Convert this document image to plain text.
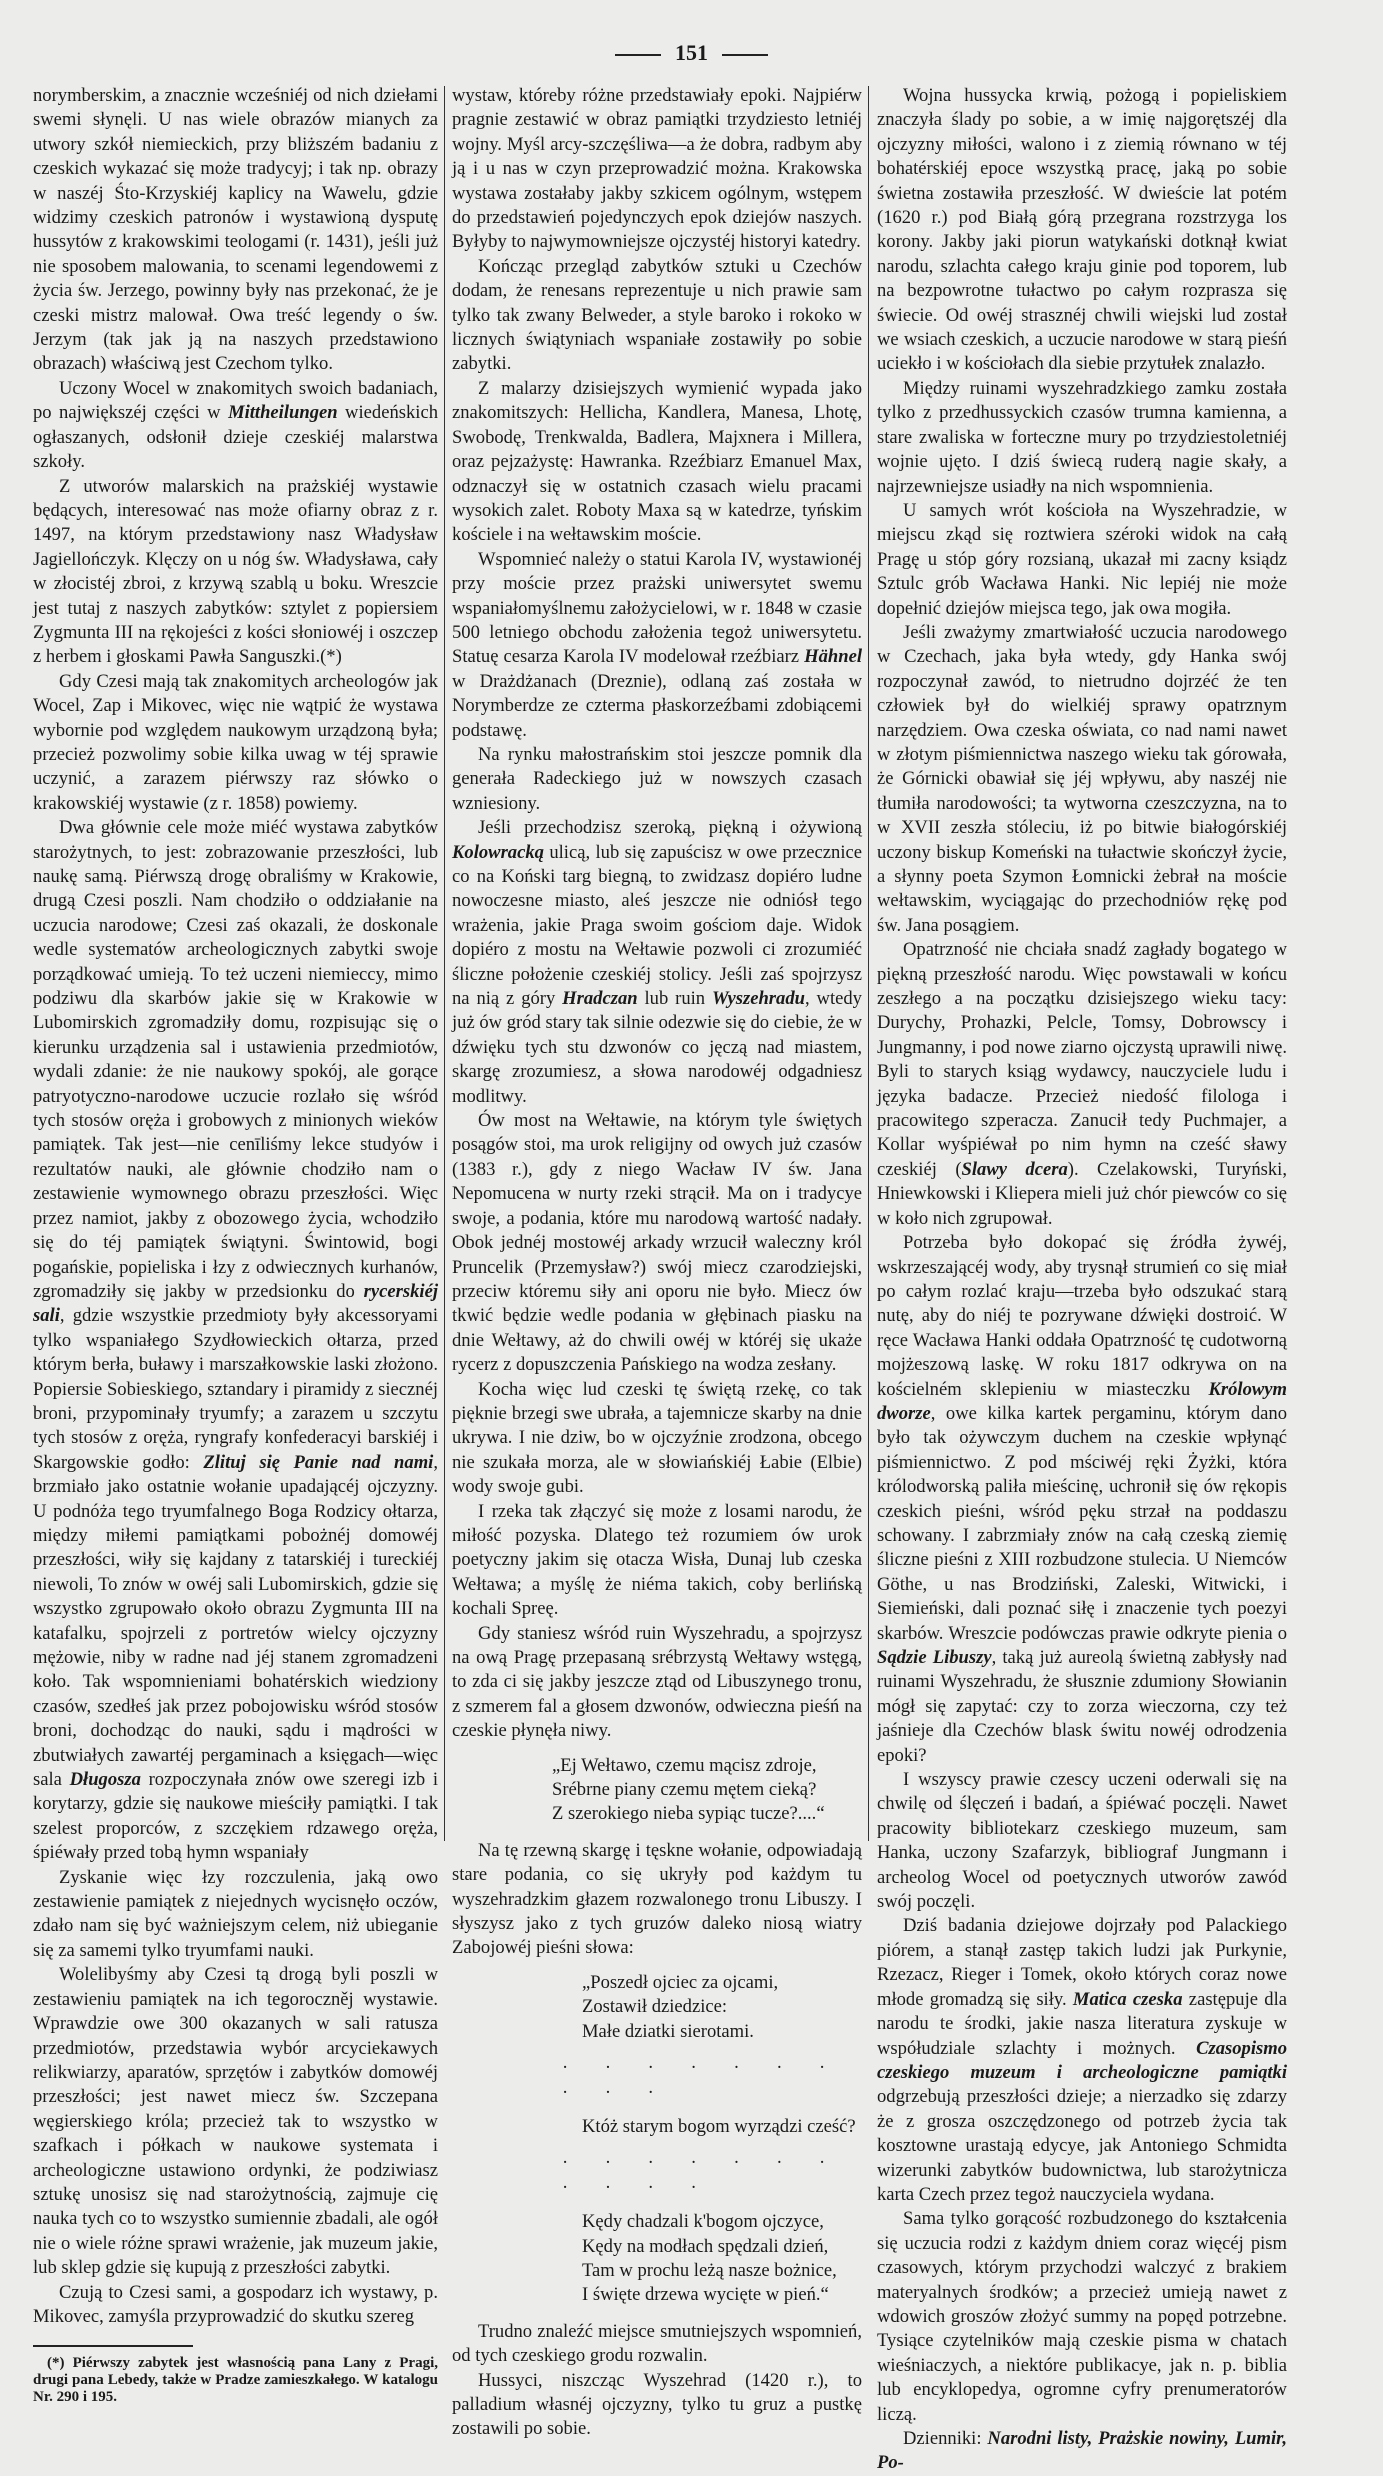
151

norymberskim, a znacznie wcześniéj od nich dziełami swemi słynęli. U nas wiele obrazów mianych za utwory szkół niemieckich, przy bliższém badaniu z czeskich wykazać się może tradycyj; i tak np. obrazy w naszéj Śto-Krzyskiéj kaplicy na Wawelu, gdzie widzimy czeskich patronów i wystawioną dysputę hussytów z krakowskimi teologami (r. 1431), jeśli już nie sposobem malowania, to scenami legendowemi z życia św. Jerzego, powinny były nas przekonać, że je czeski mistrz malował. Owa treść legendy o św. Jerzym (tak jak ją na naszych przedstawiono obrazach) właściwą jest Czechom tylko.

Uczony Wocel w znakomitych swoich badaniach, po największéj części w Mittheilungen wiedeńskich ogłaszanych, odsłonił dzieje czeskiéj malarstwa szkoły.

Z utworów malarskich na prażskiéj wystawie będących, interesować nas może ofiarny obraz z r. 1497, na którym przedstawiony nasz Władysław Jagiellończyk. Klęczy on u nóg św. Władysława, cały w złocistéj zbroi, z krzywą szablą u boku. Wreszcie jest tutaj z naszych zabytków: sztylet z popiersiem Zygmunta III na rękojeści z kości słoniowéj i oszczep z herbem i głoskami Pawła Sanguszki.(*)

Gdy Czesi mają tak znakomitych archeologów jak Wocel, Zap i Mikovec, więc nie wątpić że wystawa wybornie pod względem naukowym urządzoną była; przecież pozwolimy sobie kilka uwag w téj sprawie uczynić, a zarazem piérwszy raz słówko o krakowskiéj wystawie (z r. 1858) powiemy.

Dwa głównie cele może miéć wystawa zabytków starożytnych, to jest: zobrazowanie przeszłości, lub naukę samą. Piérwszą drogę obraliśmy w Krakowie, drugą Czesi poszli. Nam chodziło o oddziałanie na uczucia narodowe; Czesi zaś okazali, że doskonale wedle systematów archeologicznych zabytki swoje porządkować umieją. To też uczeni niemieccy, mimo podziwu dla skarbów jakie się w Krakowie w Lubomirskich zgromadziły domu, rozpisując się o kierunku urządzenia sal i ustawienia przedmiotów, wydali zdanie: że nie naukowy spokój, ale gorące patryotyczno-narodowe uczucie rozlało się wśród tych stosów oręża i grobowych z minionych wieków pamiątek. Tak jest—nie cenīliśmy lekce studyów i rezultatów nauki, ale głównie chodziło nam o zestawienie wymownego obrazu przeszłości. Więc przez namiot, jakby z obozowego życia, wchodziło się do téj pamiątek świątyni. Świntowid, bogi pogańskie, popieliska i łzy z odwiecznych kurhanów, zgromadziły się jakby w przedsionku do rycerskiéj sali, gdzie wszystkie przedmioty były akcessoryami tylko wspaniałego Szydłowieckich ołtarza, przed którym berła, buławy i marszałkowskie laski złożono. Popiersie Sobieskiego, sztandary i piramidy z siecznéj broni, przypominały tryumfy; a zarazem u szczytu tych stosów z oręża, ryngrafy konfederacyi barskiéj i Skargowskie godło: Zlituj się Panie nad nami, brzmiało jako ostatnie wołanie upadającéj ojczyzny. U podnóża tego tryumfalnego Boga Rodzicy ołtarza, między miłemi pamiątkami pobożnéj domowéj przeszłości, wiły się kajdany z tatarskiéj i tureckiéj niewoli, To znów w owéj sali Lubomirskich, gdzie się wszystko zgrupowało około obrazu Zygmunta III na katafalku, spojrzeli z portretów wielcy ojczyzny mężowie, niby w radne nad jéj stanem zgromadzeni koło. Tak wspomnieniami bohatérskich wiedziony czasów, szedłeś jak przez pobojowisku wśród stosów broni, dochodząc do nauki, sądu i mądrości w zbutwiałych zawartéj pergaminach a księgach—więc sala Długosza rozpoczynała znów owe szeregi izb i korytarzy, gdzie się naukowe mieściły pamiątki. I tak szelest proporców, z szczękiem rdzawego oręża, śpiéwały przed tobą hymn wspaniały

Zyskanie więc łzy rozczulenia, jaką owo zestawienie pamiątek z niejednych wycisnęło oczów, zdało nam się być ważniejszym celem, niż ubieganie się za samemi tylko tryumfami nauki.

Wolelibyśmy aby Czesi tą drogą byli poszli w zestawieniu pamiątek na ich tegoroczněj wystawie. Wprawdzie owe 300 okazanych w sali ratusza przedmiotów, przedstawia wybór arcyciekawych relikwiarzy, aparatów, sprzętów i zabytków domowéj przeszłości; jest nawet miecz św. Szczepana węgierskiego króla; przecież tak to wszystko w szafkach i półkach w naukowe systemata i archeologiczne ustawiono ordynki, że podziwiasz sztukę unosisz się nad starożytnością, zajmuje cię nauka tych co to wszystko sumiennie zbadali, ale ogół nie o wiele różne sprawi wrażenie, jak muzeum jakie, lub sklep gdzie się kupują z przeszłości zabytki.

Czują to Czesi sami, a gospodarz ich wystawy, p. Mikovec, zamyśla przyprowadzić do skutku szereg

(*) Piérwszy zabytek jest własnością pana Lany z Pragi, drugi pana Lebedy, także w Pradze zamieszkałego. W katalogu Nr. 290 i 195.

wystaw, któreby różne przedstawiały epoki. Najpiérw pragnie zestawić w obraz pamiątki trzydziesto letniéj wojny. Myśl arcy-szczęśliwa—a że dobra, radbym aby ją i u nas w czyn przeprowadzić można. Krakowska wystawa zostałaby jakby szkicem ogólnym, wstępem do przedstawień pojedynczych epok dziejów naszych. Byłyby to najwymowniejsze ojczystéj historyi katedry.

Kończąc przegląd zabytków sztuki u Czechów dodam, że renesans reprezentuje u nich prawie sam tylko tak zwany Belweder, a style baroko i rokoko w licznych świątyniach wspaniałe zostawiły po sobie zabytki.

Z malarzy dzisiejszych wymienić wypada jako znakomitszych: Hellicha, Kandlera, Manesa, Lhotę, Swobodę, Trenkwalda, Badlera, Majxnera i Millera, oraz pejzażystę: Hawranka. Rzeźbiarz Emanuel Max, odznaczył się w ostatnich czasach wielu pracami wysokich zalet. Roboty Maxa są w katedrze, tyńskim kościele i na wełtawskim moście.

Wspomnieć należy o statui Karola IV, wystawionéj przy moście przez prażski uniwersytet swemu wspaniałomyślnemu założycielowi, w r. 1848 w czasie 500 letniego obchodu założenia tegoż uniwersytetu. Statuę cesarza Karola IV modelował rzeźbiarz Hähnel w Drażdżanach (Dreznie), odlaną zaś została w Norymberdze ze czterma płaskorzeźbami zdobiącemi podstawę.

Na rynku małostrańskim stoi jeszcze pomnik dla generała Radeckiego już w nowszych czasach wzniesiony.

Jeśli przechodzisz szeroką, piękną i ożywioną Kolowracką ulicą, lub się zapuścisz w owe przecznice co na Koński targ biegną, to zwidzasz dopiéro ludne nowoczesne miasto, aleś jeszcze nie odniósł tego wrażenia, jakie Praga swoim gościom daje. Widok dopiéro z mostu na Wełtawie pozwoli ci zrozumiéć śliczne położenie czeskiéj stolicy. Jeśli zaś spojrzysz na nią z góry Hradczan lub ruin Wyszehradu, wtedy już ów gród stary tak silnie odezwie się do ciebie, że w dźwięku tych stu dzwonów co jęczą nad miastem, skargę zrozumiesz, a słowa narodowéj odgadniesz modlitwy.

Ów most na Wełtawie, na którym tyle świętych posągów stoi, ma urok religijny od owych już czasów (1383 r.), gdy z niego Wacław IV św. Jana Nepomucena w nurty rzeki strącił. Ma on i tradycye swoje, a podania, które mu narodową wartość nadały. Obok jednéj mostowéj arkady wrzucił waleczny król Pruncelik (Przemysław?) swój miecz czarodziejski, przeciw któremu siły ani oporu nie było. Miecz ów tkwić będzie wedle podania w głębinach piasku na dnie Wełtawy, aż do chwili owéj w któréj się ukaże rycerz z dopuszczenia Pańskiego na wodza zesłany.

Kocha więc lud czeski tę świętą rzekę, co tak pięknie brzegi swe ubrała, a tajemnicze skarby na dnie ukrywa. I nie dziw, bo w ojczyźnie zrodzona, obcego nie szukała morza, ale w słowiańskiéj Łabie (Elbie) wody swoje gubi.

I rzeka tak złączyć się może z losami narodu, że miłość pozyska. Dlatego też rozumiem ów urok poetyczny jakim się otacza Wisła, Dunaj lub czeska Wełtawa; a myślę że niéma takich, coby berlińską kochali Spreę.

Gdy staniesz wśród ruin Wyszehradu, a spojrzysz na ową Pragę przepasaną srébrzystą Wełtawy wstęgą, to zda ci się jakby jeszcze ztąd od Libuszynego tronu, z szmerem fal a głosem dzwonów, odwieczna pieśń na czeskie płynęła niwy.

„Ej Wełtawo, czemu mącisz zdroje,
Srébrne piany czemu mętem cieką?
Z szerokiego nieba sypiąc tucze?....“

Na tę rzewną skargę i tęskne wołanie, odpowiadają stare podania, co się ukryły pod każdym tu wyszehradzkim głazem rozwalonego tronu Libuszy. I słyszysz jako z tych gruzów daleko niosą wiatry Zabojowéj pieśni słowa:

„Poszedł ojciec za ojcami,
Zostawił dziedzice:
Małe dziatki sierotami.
· · · · · · · · · ·
Któż starym bogom wyrządzi cześć?
· · · · · · · · · · ·
Kędy chadzali k'bogom ojczyce,
Kędy na modłach spędzali dzień,
Tam w prochu leżą nasze bożnice,
I święte drzewa wycięte w pień.“

Trudno znaleźć miejsce smutniejszych wspomnień, od tych czeskiego grodu rozwalin.

Hussyci, niszcząc Wyszehrad (1420 r.), to palladium własnéj ojczyzny, tylko tu gruz a pustkę zostawili po sobie.

Wojna hussycka krwią, pożogą i popieliskiem znaczyła ślady po sobie, a w imię najgorętszéj dla ojczyzny miłości, walono i z ziemią równano w téj bohatérskiéj epoce wszystką pracę, jaką po sobie świetna zostawiła przeszłość. W dwieście lat potém (1620 r.) pod Białą górą przegrana rozstrzyga los korony. Jakby jaki piorun watykański dotknął kwiat narodu, szlachta całego kraju ginie pod toporem, lub na bezpowrotne tułactwo po całym rozprasza się świecie. Od owéj strasznéj chwili wiejski lud został we wsiach czeskich, a uczucie narodowe w starą pieśń uciekło i w kościołach dla siebie przytułek znalazło.

Między ruinami wyszehradzkiego zamku została tylko z przedhussyckich czasów trumna kamienna, a stare zwaliska w forteczne mury po trzydziestoletniéj wojnie ujęto. I dziś świecą ruderą nagie skały, a najrzewniejsze usiadły na nich wspomnienia.

U samych wrót kościoła na Wyszehradzie, w miejscu zkąd się roztwiera széroki widok na całą Pragę u stóp góry rozsianą, ukazał mi zacny ksiądz Sztulc grób Wacława Hanki. Nic lepiéj nie może dopełnić dziejów miejsca tego, jak owa mogiła.

Jeśli zważymy zmartwiałość uczucia narodowego w Czechach, jaka była wtedy, gdy Hanka swój rozpoczynał zawód, to nietrudno dojrzéć że ten człowiek był do wielkiéj sprawy opatrznym narzędziem. Owa czeska oświata, co nad nami nawet w złotym piśmiennictwa naszego wieku tak górowała, że Górnicki obawiał się jéj wpływu, aby naszéj nie tłumiła narodowości; ta wytworna czeszczyzna, na to w XVII zeszła stóleciu, iż po bitwie białogórskiéj uczony biskup Komeński na tułactwie skończył życie, a słynny poeta Szymon Łomnicki żebrał na moście wełtawskim, wyciągając do przechodniów rękę pod św. Jana posągiem.

Opatrzność nie chciała snadź zagłady bogatego w piękną przeszłość narodu. Więc powstawali w końcu zeszłego a na początku dzisiejszego wieku tacy: Durychy, Prohazki, Pelcle, Tomsy, Dobrowscy i Jungmanny, i pod nowe ziarno ojczystą uprawili niwę. Byli to starych ksiąg wydawcy, nauczyciele ludu i języka badacze. Przecież niedość filologa i pracowitego szperacza. Zanucił tedy Puchmajer, a Kollar wyśpiéwał po nim hymn na cześć sławy czeskiéj (Slawy dcera). Czelakowski, Turyński, Hniewkowski i Kliepera mieli już chór piewców co się w koło nich zgrupował.

Potrzeba było dokopać się źródła żywéj, wskrzeszającéj wody, aby trysnął strumień co się miał po całym rozlać kraju—trzeba było odszukać starą nutę, aby do niéj te pozrywane dźwięki dostroić. W ręce Wacława Hanki oddała Opatrzność tę cudotworną mojżeszową laskę. W roku 1817 odkrywa on na kościelném sklepieniu w miasteczku Królowym dworze, owe kilka kartek pergaminu, którym dano było tak ożywczym duchem na czeskie wpłynąć piśmiennictwo. Z pod mściwéj ręki Żyżki, która królodworską paliła mieścinę, uchronił się ów rękopis czeskich pieśni, wśród pęku strzał na poddaszu schowany. I zabrzmiały znów na całą czeską ziemię śliczne pieśni z XIII rozbudzone stulecia. U Niemców Göthe, u nas Brodziński, Zaleski, Witwicki, i Siemieński, dali poznać siłę i znaczenie tych poezyi skarbów. Wreszcie podówczas prawie odkryte pienia o Sądzie Libuszy, taką już aureolą świetną zabłysły nad ruinami Wyszehradu, że słusznie zdumiony Słowianin mógł się zapytać: czy to zorza wieczorna, czy też jaśnieje dla Czechów blask świtu nowéj odrodzenia epoki?

I wszyscy prawie czescy uczeni oderwali się na chwilę od ślęczeń i badań, a śpiéwać poczęli. Nawet pracowity bibliotekarz czeskiego muzeum, sam Hanka, uczony Szafarzyk, bibliograf Jungmann i archeolog Wocel od poetycznych utworów zawód swój poczęli.

Dziś badania dziejowe dojrzały pod Palackiego piórem, a stanął zastęp takich ludzi jak Purkynie, Rzezacz, Rieger i Tomek, około których coraz nowe młode gromadzą się siły. Matica czeska zastępuje dla narodu te środki, jakie nasza literatura zyskuje w współudziale szlachty i możnych. Czasopismo czeskiego muzeum i archeologiczne pamiątki odgrzebują przeszłości dzieje; a nierzadko się zdarzy że z grosza oszczędzonego od potrzeb życia tak kosztowne urastają edycye, jak Antoniego Schmidta wizerunki zabytków budownictwa, lub starożytnicza karta Czech przez tegoż nauczyciela wydana.

Sama tylko gorącość rozbudzonego do kształcenia się uczucia rodzi z każdym dniem coraz więcéj pism czasowych, którym przychodzi walczyć z brakiem materyalnych środków; a przecież umieją nawet z wdowich groszów złożyć summy na popęd potrzebne. Tysiące czytelników mają czeskie pisma w chatach wieśniaczych, a niektóre publikacye, jak n. p. biblia lub encyklopedya, ogromne cyfry prenumeratorów liczą.

Dzienniki: Narodni listy, Prażskie nowiny, Lumir, Po-
